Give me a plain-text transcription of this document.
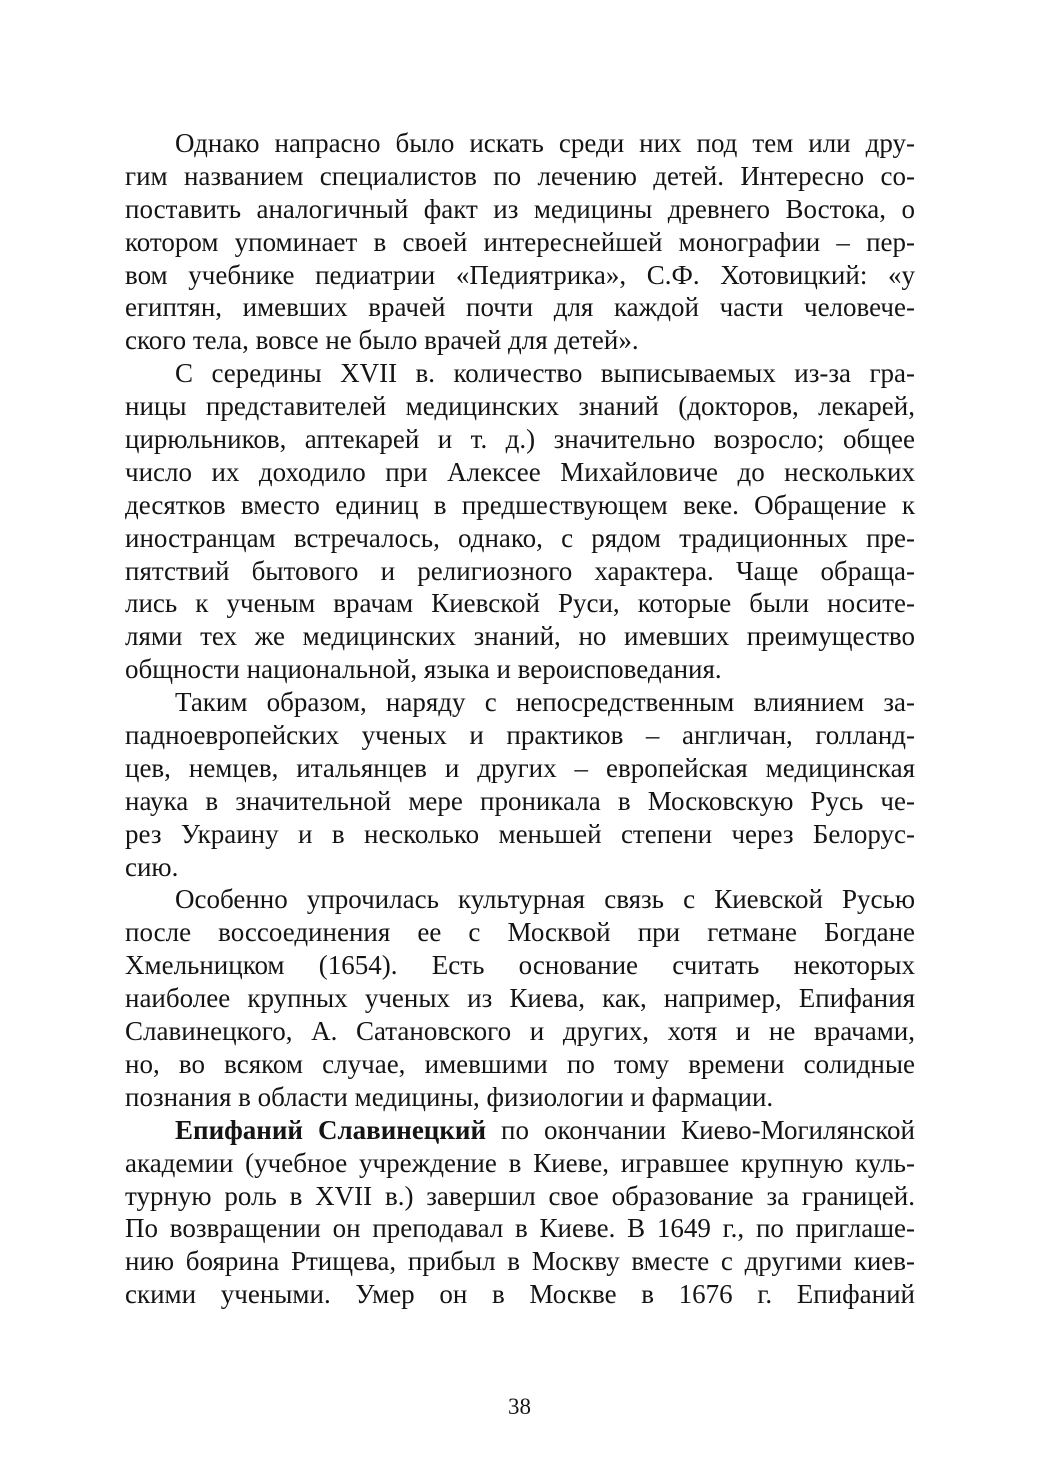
Однако напрасно было искать среди них под тем или дру-
гим названием специалистов по лечению детей. Интересно со-
поставить аналогичный факт из медицины древнего Востока, о
котором упоминает в своей интереснейшей монографии – пер-
вом учебнике педиатрии «Педиятрика», С.Ф. Хотовицкий: «у
египтян, имевших врачей почти для каждой части человече-
ского тела, вовсе не было врачей для детей».
С середины XVII в. количество выписываемых из-за гра-
ницы представителей медицинских знаний (докторов, лекарей,
цирюльников, аптекарей и т. д.) значительно возросло; общее
число их доходило при Алексее Михайловиче до нескольких
десятков вместо единиц в предшествующем веке. Обращение к
иностранцам встречалось, однако, с рядом традиционных пре-
пятствий бытового и религиозного характера. Чаще обраща-
лись к ученым врачам Киевской Руси, которые были носите-
лями тех же медицинских знаний, но имевших преимущество
общности национальной, языка и вероисповедания.
Таким образом, наряду с непосредственным влиянием за-
падноевропейских ученых и практиков – англичан, голланд-
цев, немцев, итальянцев и других – европейская медицинская
наука в значительной мере проникала в Московскую Русь че-
рез Украину и в несколько меньшей степени через Белорус-
сию.
Особенно упрочилась культурная связь с Киевской Русью
после воссоединения ее с Москвой при гетмане Богдане
Хмельницком (1654). Есть основание считать некоторых
наиболее крупных ученых из Киева, как, например, Епифания
Славинецкого, А. Сатановского и других, хотя и не врачами,
но, во всяком случае, имевшими по тому времени солидные
познания в области медицины, физиологии и фармации.
Епифаний Славинецкий по окончании Киево-Могилянской
академии (учебное учреждение в Киеве, игравшее крупную куль-
турную роль в XVII в.) завершил свое образование за границей.
По возвращении он преподавал в Киеве. В 1649 г., по приглаше-
нию боярина Ртищева, прибыл в Москву вместе с другими киев-
скими учеными. Умер он в Москве в 1676 г. Епифаний
38
